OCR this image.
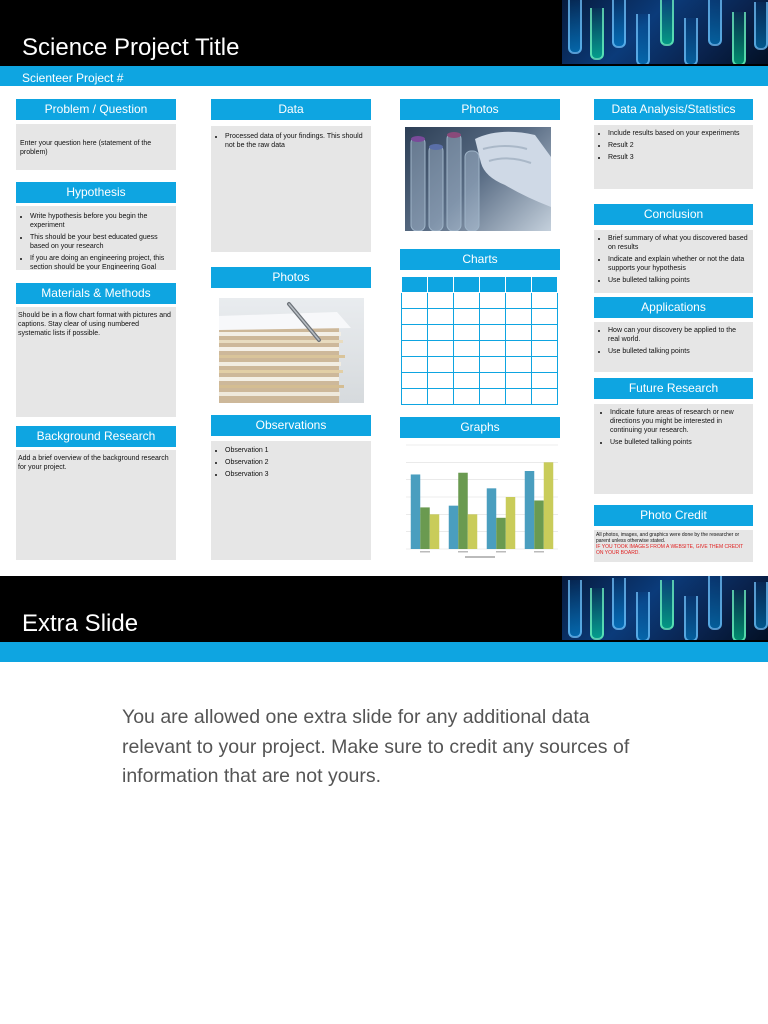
Science Project Title
Scienteer Project #
Problem / Question
Enter your question here (statement of the problem)
Hypothesis
• Write hypothesis before you begin the experiment
• This should be your best educated guess based on your research
• If you are doing an engineering project, this section should be your Engineering Goal
Materials & Methods
Should be in a flow chart format with pictures and captions. Stay clear of using numbered systematic lists if possible.
Background Research
Add a brief overview of the background research for your project.
Data
• Processed data of your findings. This should not be the raw data
Photos
Observations
• Observation 1
• Observation 2
• Observation 3
Photos
Charts

Graphs
Data Analysis/Statistics
• Include results based on your experiments
• Result 2
• Result 3
Conclusion
• Brief summary of what you discovered based on results
• Indicate and explain whether or not the data supports your hypothesis
• Use bulleted talking points
Applications
• How can your discovery be applied to the real world.
• Use bulleted talking points
Future Research
• Indicate future areas of research or new directions you might be interested in continuing your research.
• Use bulleted talking points
Photo Credit
All photos, images, and graphics were done by the researcher or parent unless otherwise stated.
IF YOU TOOK IMAGES FROM A WEBSITE, GIVE THEM CREDIT ON YOUR BOARD.
Extra Slide
You are allowed one extra slide for any additional data relevant to your project. Make sure to credit any sources of information that are not yours.
